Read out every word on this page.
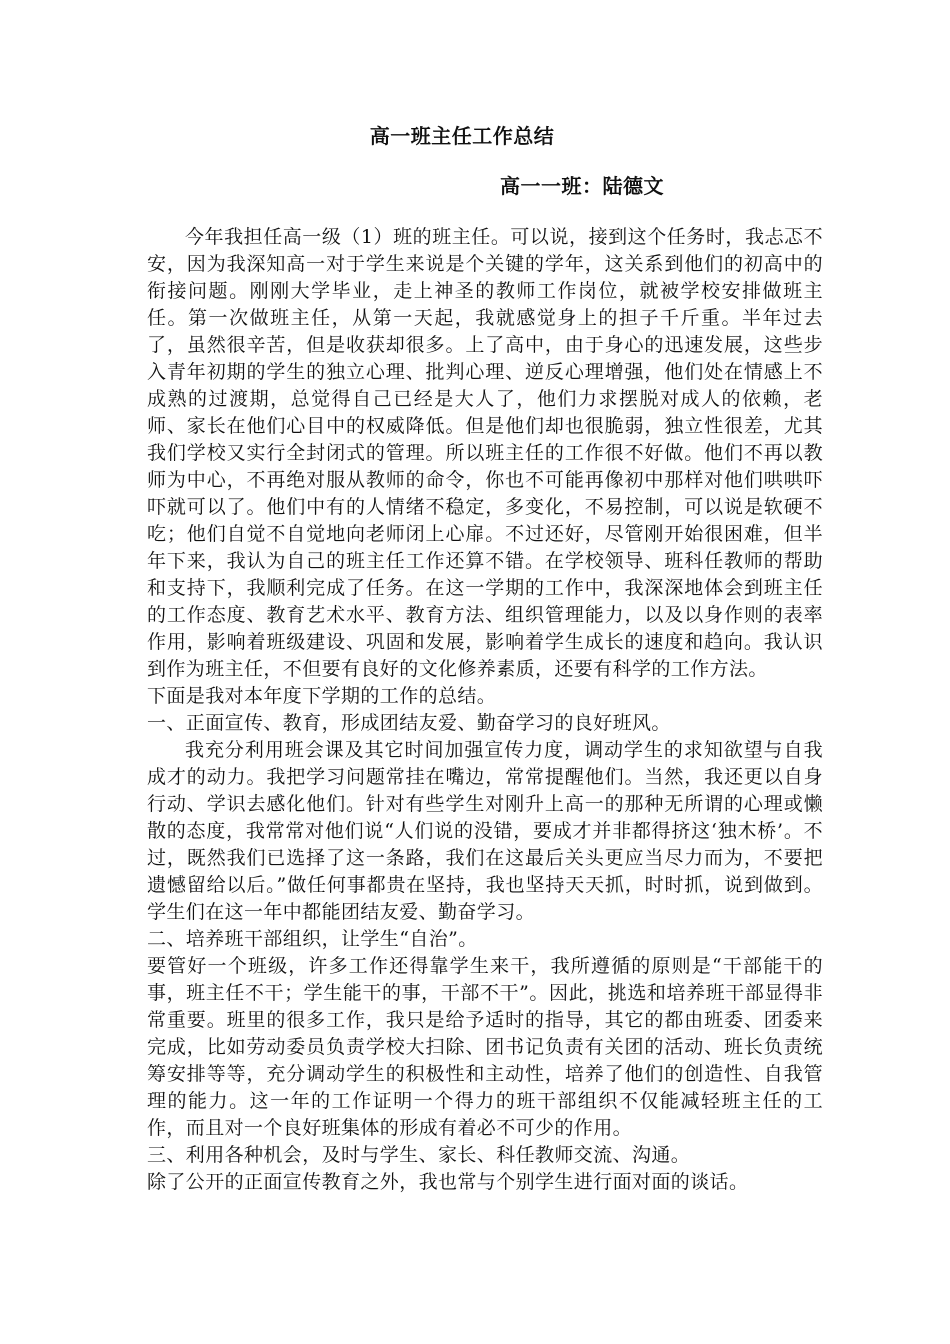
高一班主任工作总结
高一一班：陆德文

今年我担任高一级（1）班的班主任。可以说，接到这个任务时，我忐忑不安，因为我深知高一对于学生来说是个关键的学年，这关系到他们的初高中的衔接问题。刚刚大学毕业，走上神圣的教师工作岗位，就被学校安排做班主任。第一次做班主任，从第一天起，我就感觉身上的担子千斤重。半年过去了，虽然很辛苦，但是收获却很多。上了高中，由于身心的迅速发展，这些步入青年初期的学生的独立心理、批判心理、逆反心理增强，他们处在情感上不成熟的过渡期，总觉得自己已经是大人了，他们力求摆脱对成人的依赖，老师、家长在他们心目中的权威降低。但是他们却也很脆弱，独立性很差，尤其我们学校又实行全封闭式的管理。所以班主任的工作很不好做。他们不再以教师为中心，不再绝对服从教师的命令，你也不可能再像初中那样对他们哄哄吓吓就可以了。他们中有的人情绪不稳定，多变化，不易控制，可以说是软硬不吃；他们自觉不自觉地向老师闭上心扉。不过还好，尽管刚开始很困难，但半年下来，我认为自己的班主任工作还算不错。在学校领导、班科任教师的帮助和支持下，我顺利完成了任务。在这一学期的工作中，我深深地体会到班主任的工作态度、教育艺术水平、教育方法、组织管理能力，以及以身作则的表率作用，影响着班级建设、巩固和发展，影响着学生成长的速度和趋向。我认识到作为班主任，不但要有良好的文化修养素质，还要有科学的工作方法。

下面是我对本年度下学期的工作的总结。

一、正面宣传、教育，形成团结友爱、勤奋学习的良好班风。

我充分利用班会课及其它时间加强宣传力度，调动学生的求知欲望与自我成才的动力。我把学习问题常挂在嘴边，常常提醒他们。当然，我还更以自身行动、学识去感化他们。针对有些学生对刚升上高一的那种无所谓的心理或懒散的态度，我常常对他们说“人们说的没错，要成才并非都得挤这‘独木桥’。不过，既然我们已选择了这一条路，我们在这最后关头更应当尽力而为，不要把遗憾留给以后。”做任何事都贵在坚持，我也坚持天天抓，时时抓，说到做到。学生们在这一年中都能团结友爱、勤奋学习。

二、培养班干部组织，让学生“自治”。

要管好一个班级，许多工作还得靠学生来干，我所遵循的原则是“干部能干的事，班主任不干；学生能干的事，干部不干”。因此，挑选和培养班干部显得非常重要。班里的很多工作，我只是给予适时的指导，其它的都由班委、团委来完成，比如劳动委员负责学校大扫除、团书记负责有关团的活动、班长负责统筹安排等等，充分调动学生的积极性和主动性，培养了他们的创造性、自我管理的能力。这一年的工作证明一个得力的班干部组织不仅能减轻班主任的工作，而且对一个良好班集体的形成有着必不可少的作用。

三、利用各种机会，及时与学生、家长、科任教师交流、沟通。

除了公开的正面宣传教育之外，我也常与个别学生进行面对面的谈话。
